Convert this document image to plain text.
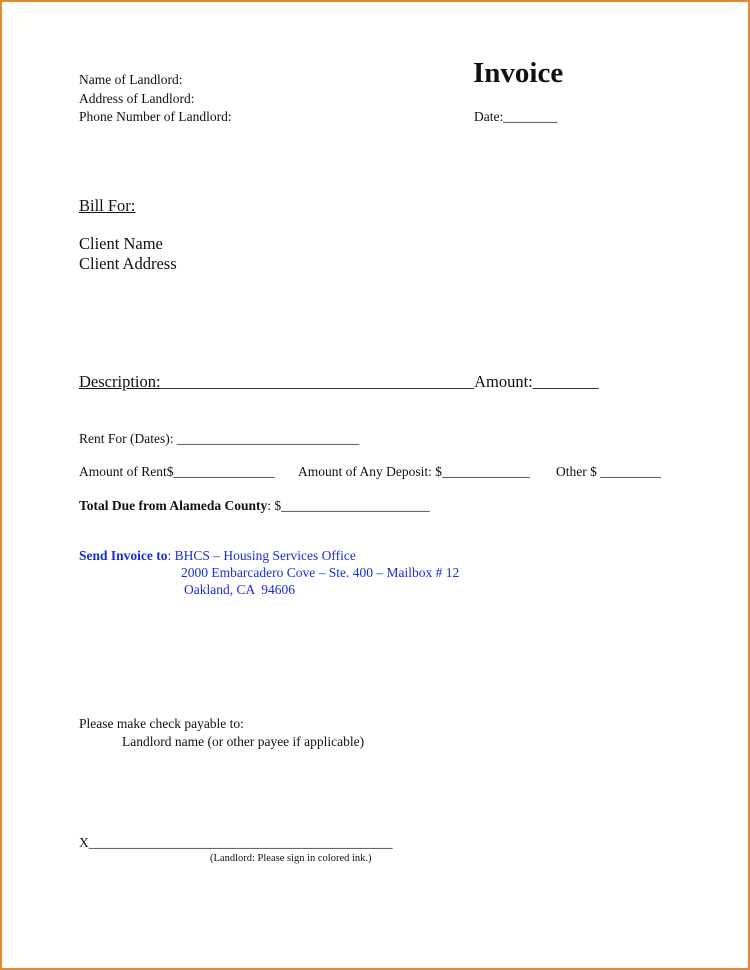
Name of Landlord:
Address of Landlord:
Phone Number of Landlord:
Invoice
Date:________
Bill For:
Client Name
Client Address
Description:______________________________________Amount:________
Rent For (Dates): ___________________________
Amount of Rent$_______________ Amount of Any Deposit: $_____________ Other $ _________
Total Due from Alameda County: $______________________
Send Invoice to: BHCS – Housing Services Office
2000 Embarcadero Cove – Ste. 400 – Mailbox # 12
Oakland, CA  94606
Please make check payable to:
Landlord name (or other payee if applicable)
X_____________________________________________
(Landlord: Please sign in colored ink.)
